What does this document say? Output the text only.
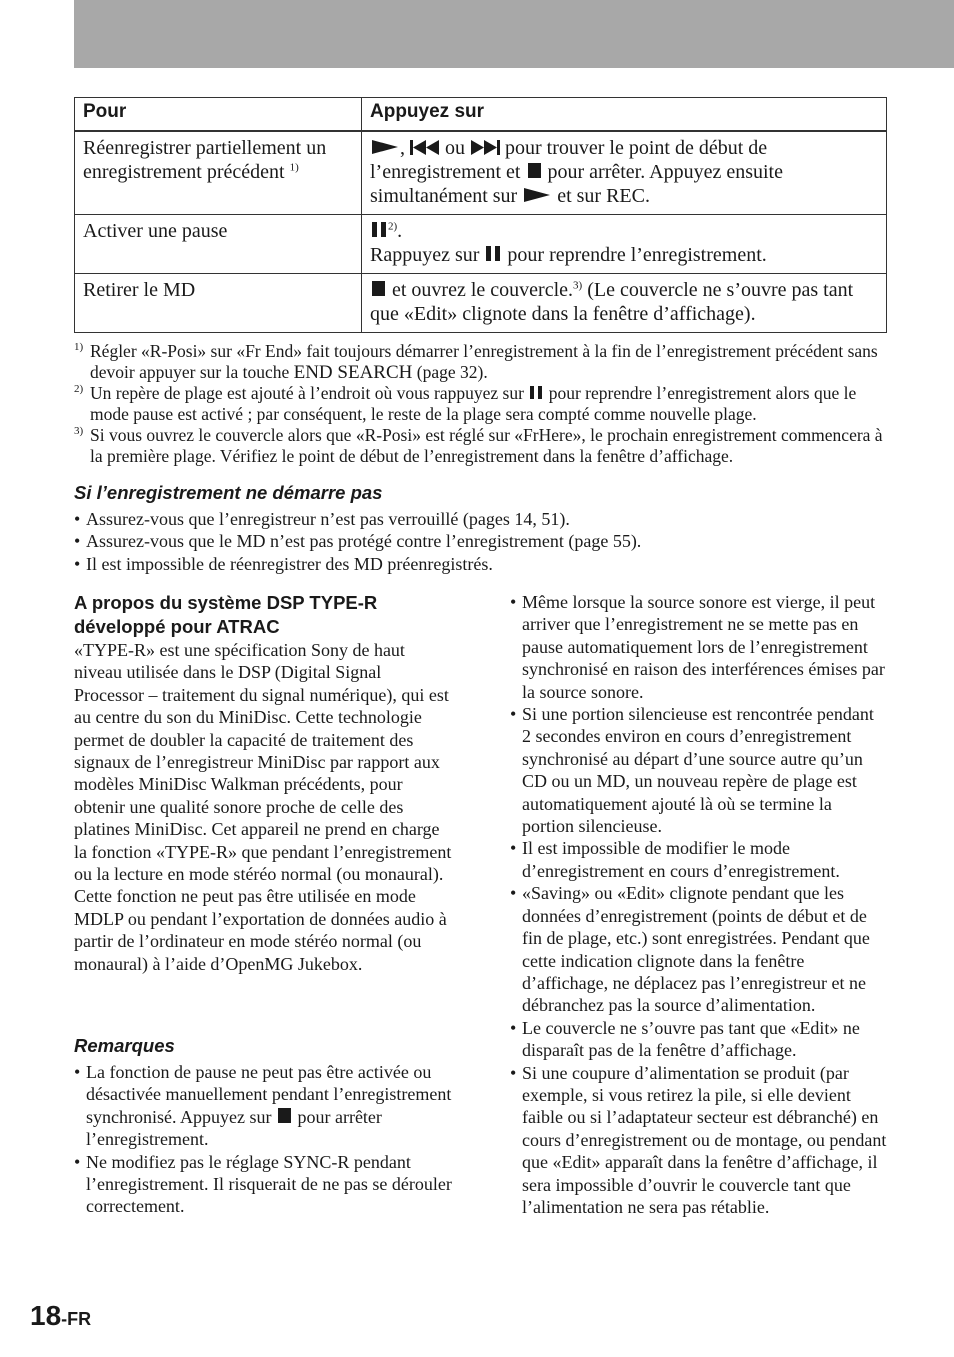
Pour	Appuyez sur
Réenregistrer partiellement un enregistrement précédent $^{1)}$	, ou pour trouver le point de début de l’enregistrement et pour arrêter. Appuyez ensuite simultanément sur et sur REC.
Activer une pause	$^{2)}$.
Rappuyez sur pour reprendre l’enregistrement.
Retirer le MD	et ouvrez le couvercle.$^{3)}$ (Le couvercle ne s’ouvre pas tant que «Edit» clignote dans la fenêtre d’affichage).
1) Régler «R-Posi» sur «Fr End» fait toujours démarrer l’enregistrement à la fin de l’enregistrement précédent sans devoir appuyer sur la touche END SEARCH (page 32).
2) Un repère de plage est ajouté à l’endroit où vous rappuyez sur pour reprendre l’enregistrement alors que le mode pause est activé ; par conséquent, le reste de la plage sera compté comme nouvelle plage.
3) Si vous ouvrez le couvercle alors que «R-Posi» est réglé sur «FrHere», le prochain enregistrement commencera à la première plage. Vérifiez le point de début de l’enregistrement dans la fenêtre d’affichage.
Si l’enregistrement ne démarre pas
• Assurez-vous que l’enregistreur n’est pas verrouillé (pages 14, 51).
• Assurez-vous que le MD n’est pas protégé contre l’enregistrement (page 55).
• Il est impossible de réenregistrer des MD préenregistrés.
A propos du système DSP TYPE-R développé pour ATRAC
«TYPE-R» est une spécification Sony de haut niveau utilisée dans le DSP (Digital Signal Processor – traitement du signal numérique), qui est au centre du son du MiniDisc. Cette technologie permet de doubler la capacité de traitement des signaux de l’enregistreur MiniDisc par rapport aux modèles MiniDisc Walkman précédents, pour obtenir une qualité sonore proche de celle des platines MiniDisc. Cet appareil ne prend en charge la fonction «TYPE-R» que pendant l’enregistrement ou la lecture en mode stéréo normal (ou monaural). Cette fonction ne peut pas être utilisée en mode MDLP ou pendant l’exportation de données audio à partir de l’ordinateur en mode stéréo normal (ou monaural) à l’aide d’OpenMG Jukebox.
Remarques
• La fonction de pause ne peut pas être activée ou désactivée manuellement pendant l’enregistrement synchronisé. Appuyez sur pour arrêter l’enregistrement.
• Ne modifiez pas le réglage SYNC-R pendant l’enregistrement. Il risquerait de ne pas se dérouler correctement.
• Même lorsque la source sonore est vierge, il peut arriver que l’enregistrement ne se mette pas en pause automatiquement lors de l’enregistrement synchronisé en raison des interférences émises par la source sonore.
• Si une portion silencieuse est rencontrée pendant 2 secondes environ en cours d’enregistrement synchronisé au départ d’une source autre qu’un CD ou un MD, un nouveau repère de plage est automatiquement ajouté là où se termine la portion silencieuse.
• Il est impossible de modifier le mode d’enregistrement en cours d’enregistrement.
• «Saving» ou «Edit» clignote pendant que les données d’enregistrement (points de début et de fin de plage, etc.) sont enregistrées. Pendant que cette indication clignote dans la fenêtre d’affichage, ne déplacez pas l’enregistreur et ne débranchez pas la source d’alimentation.
• Le couvercle ne s’ouvre pas tant que «Edit» ne disparaît pas de la fenêtre d’affichage.
• Si une coupure d’alimentation se produit (par exemple, si vous retirez la pile, si elle devient faible ou si l’adaptateur secteur est débranché) en cours d’enregistrement ou de montage, ou pendant que «Edit» apparaît dans la fenêtre d’affichage, il sera impossible d’ouvrir le couvercle tant que l’alimentation ne sera pas rétablie.
18-FR
